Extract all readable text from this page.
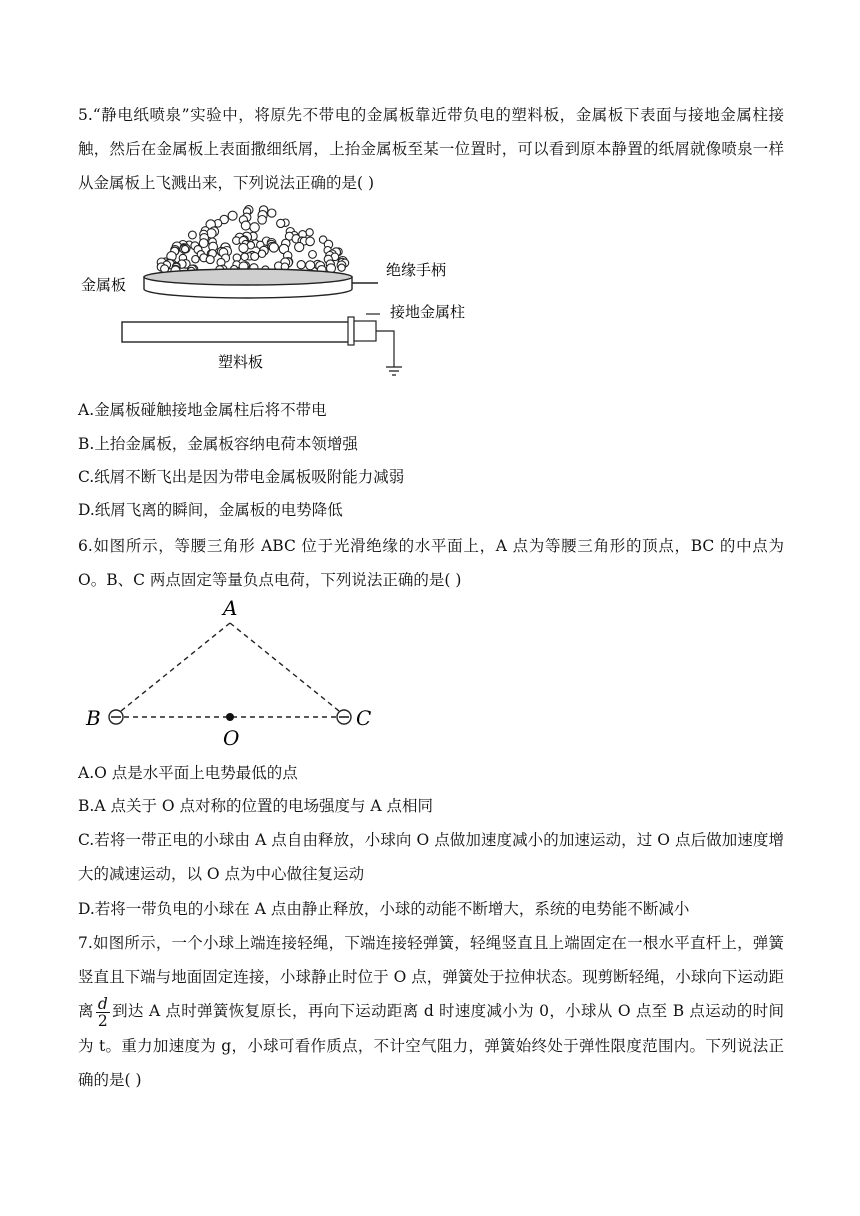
5.“静电纸喷泉”实验中，将原先不带电的金属板靠近带负电的塑料板，金属板下表面与接地金属柱接触，然后在金属板上表面撒细纸屑，上抬金属板至某一位置时，可以看到原本静置的纸屑就像喷泉一样从金属板上飞溅出来，下列说法正确的是( )

金属板
绝缘手柄
接地金属柱
塑料板

A.金属板碰触接地金属柱后将不带电

B.上抬金属板，金属板容纳电荷本领增强

C.纸屑不断飞出是因为带电金属板吸附能力减弱

D.纸屑飞离的瞬间，金属板的电势降低

6.如图所示，等腰三角形 ABC 位于光滑绝缘的水平面上，A 点为等腰三角形的顶点，BC 的中点为 O。B、C 两点固定等量负点电荷，下列说法正确的是( )

A
B	C
O

A.O 点是水平面上电势最低的点

B.A 点关于 O 点对称的位置的电场强度与 A 点相同

C.若将一带正电的小球由 A 点自由释放，小球向 O 点做加速度减小的加速运动，过 O 点后做加速度增大的减速运动，以 O 点为中心做往复运动

D.若将一带负电的小球在 A 点由静止释放，小球的动能不断增大，系统的电势能不断减小

7.如图所示，一个小球上端连接轻绳，下端连接轻弹簧，轻绳竖直且上端固定在一根水平直杆上，弹簧竖直且下端与地面固定连接，小球静止时位于 O 点，弹簧处于拉伸状态。现剪断轻绳，小球向下运动距离 $\frac{d}{2}$ 到达 A 点时弹簧恢复原长，再向下运动距离 d 时速度减小为 0，小球从 O 点至 B 点运动的时间为 t。重力加速度为 g，小球可看作质点，不计空气阻力，弹簧始终处于弹性限度范围内。下列说法正确的是( )
